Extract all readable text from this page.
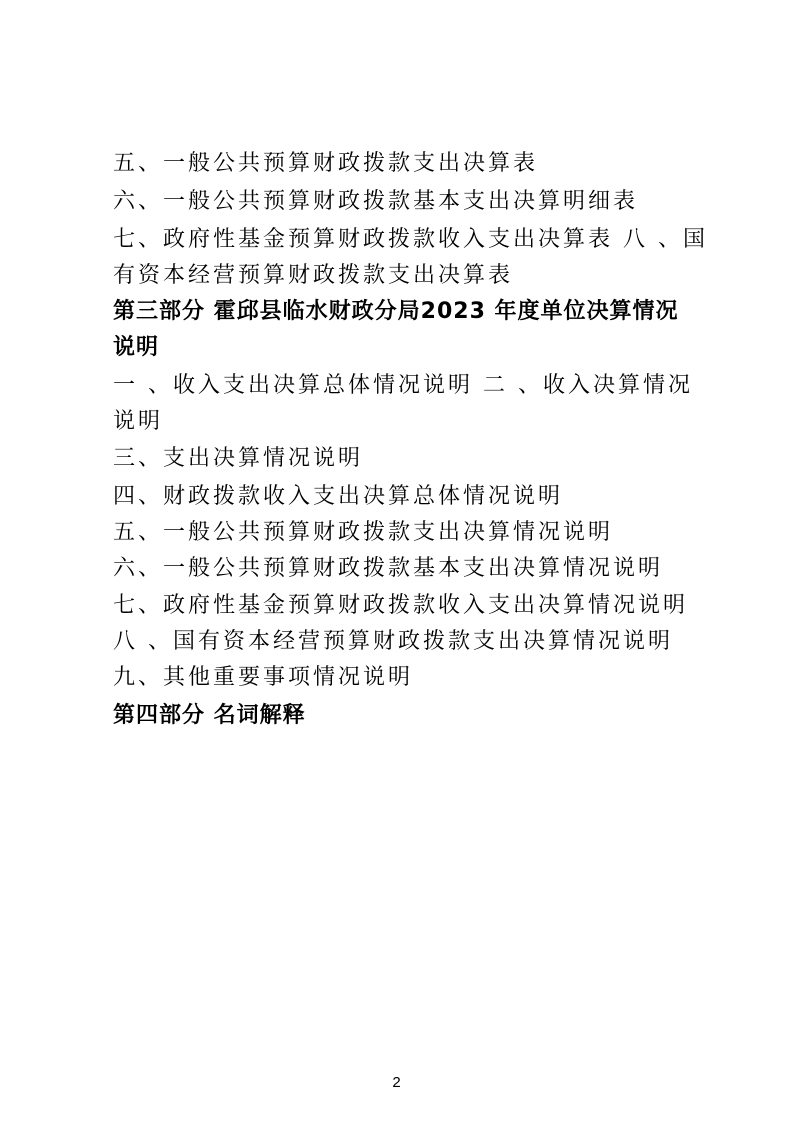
五、一般公共预算财政拨款支出决算表
六、一般公共预算财政拨款基本支出决算明细表
七、政府性基金预算财政拨款收入支出决算表 八 、国
有资本经营预算财政拨款支出决算表
第三部分 霍邱县临水财政分局2023 年度单位决算情况
说明
一 、收入支出决算总体情况说明 二 、收入决算情况
说明
三、支出决算情况说明
四、财政拨款收入支出决算总体情况说明
五、一般公共预算财政拨款支出决算情况说明
六、一般公共预算财政拨款基本支出决算情况说明
七、政府性基金预算财政拨款收入支出决算情况说明
八 、国有资本经营预算财政拨款支出决算情况说明
九、其他重要事项情况说明
第四部分 名词解释
2
